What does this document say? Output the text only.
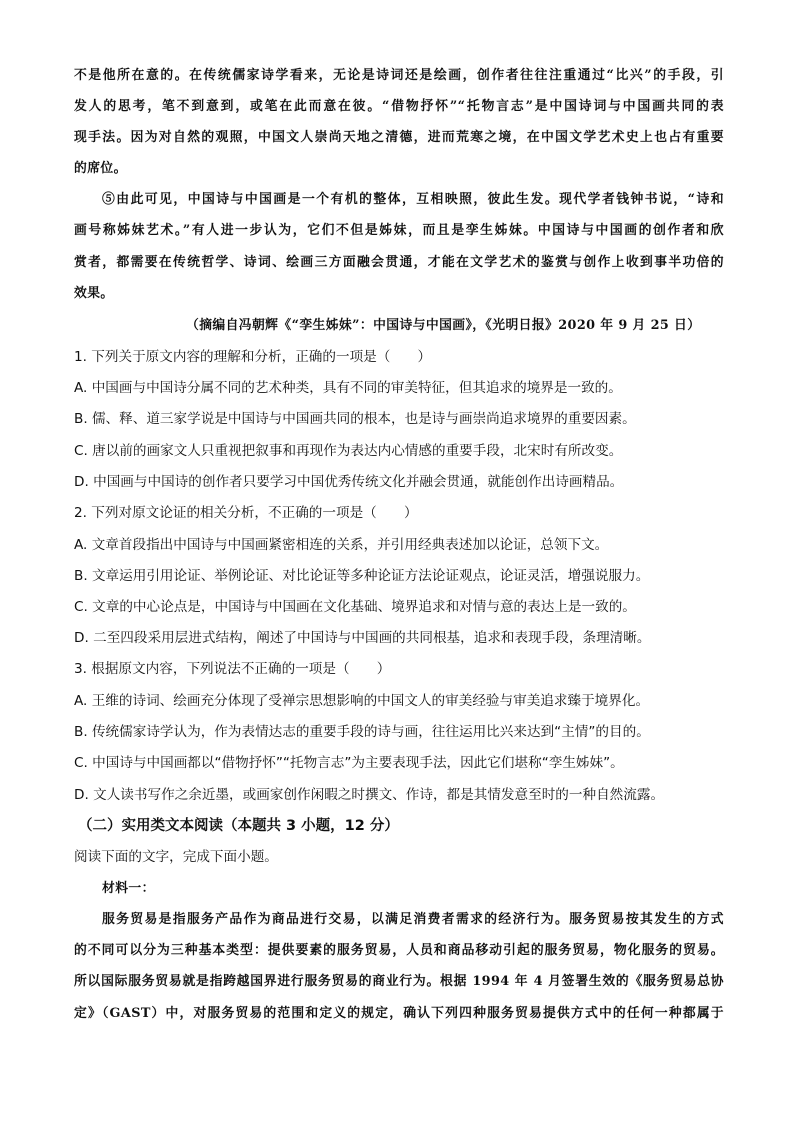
不是他所在意的。在传统儒家诗学看来，无论是诗词还是绘画，创作者往往注重通过“比兴”的手段，引
发人的思考，笔不到意到，或笔在此而意在彼。“借物抒怀”“托物言志”是中国诗词与中国画共同的表
现手法。因为对自然的观照，中国文人崇尚天地之清德，进而荒寒之境，在中国文学艺术史上也占有重要
的席位。
⑤由此可见，中国诗与中国画是一个有机的整体，互相映照，彼此生发。现代学者钱钟书说，“诗和
画号称姊妹艺术。”有人进一步认为，它们不但是姊妹，而且是孪生姊妹。中国诗与中国画的创作者和欣
赏者，都需要在传统哲学、诗词、绘画三方面融会贯通，才能在文学艺术的鉴赏与创作上收到事半功倍的
效果。
（摘编自冯朝辉《“孪生姊妹”：中国诗与中国画》，《光明日报》2020 年 9 月 25 日）
1. 下列关于原文内容的理解和分析，正确的一项是（　　）
A. 中国画与中国诗分属不同的艺术种类，具有不同的审美特征，但其追求的境界是一致的。
B. 儒、释、道三家学说是中国诗与中国画共同的根本，也是诗与画崇尚追求境界的重要因素。
C. 唐以前的画家文人只重视把叙事和再现作为表达内心情感的重要手段，北宋时有所改变。
D. 中国画与中国诗的创作者只要学习中国优秀传统文化并融会贯通，就能创作出诗画精品。
2. 下列对原文论证的相关分析，不正确的一项是（　　）
A. 文章首段指出中国诗与中国画紧密相连的关系，并引用经典表述加以论证，总领下文。
B. 文章运用引用论证、举例论证、对比论证等多种论证方法论证观点，论证灵活，增强说服力。
C. 文章的中心论点是，中国诗与中国画在文化基础、境界追求和对情与意的表达上是一致的。
D. 二至四段采用层进式结构，阐述了中国诗与中国画的共同根基，追求和表现手段，条理清晰。
3. 根据原文内容，下列说法不正确的一项是（　　）
A. 王维的诗词、绘画充分体现了受禅宗思想影响的中国文人的审美经验与审美追求臻于境界化。
B. 传统儒家诗学认为，作为表情达志的重要手段的诗与画，往往运用比兴来达到“主情”的目的。
C. 中国诗与中国画都以“借物抒怀”“托物言志”为主要表现手法，因此它们堪称“孪生姊妹”。
D. 文人读书写作之余近墨，或画家创作闲暇之时撰文、作诗，都是其情发意至时的一种自然流露。
（二）实用类文本阅读（本题共 3 小题，12 分）
阅读下面的文字，完成下面小题。
材料一：
服务贸易是指服务产品作为商品进行交易，以满足消费者需求的经济行为。服务贸易按其发生的方式
的不同可以分为三种基本类型：提供要素的服务贸易，人员和商品移动引起的服务贸易，物化服务的贸易。
所以国际服务贸易就是指跨越国界进行服务贸易的商业行为。根据 1994 年 4 月签署生效的《服务贸易总协
定》（GAST）中，对服务贸易的范围和定义的规定，确认下列四种服务贸易提供方式中的任何一种都属于
